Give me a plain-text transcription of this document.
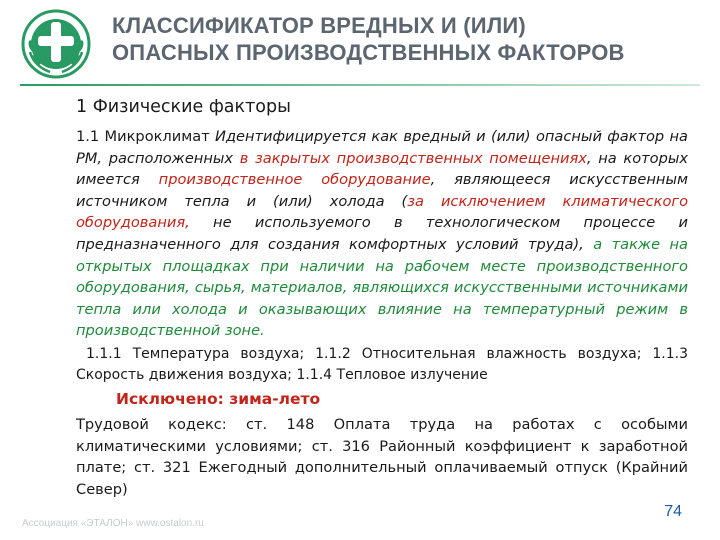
КЛАССИФИКАТОР ВРЕДНЫХ И (ИЛИ)
ОПАСНЫХ ПРОИЗВОДСТВЕННЫХ ФАКТОРОВ
1 Физические факторы

1.1 Микроклимат Идентифицируется как вредный и (или) опасный фактор на РМ, расположенных в закрытых производственных помещениях, на которых имеется производственное оборудование, являющееся искусственным источником тепла и (или) холода (за исключением климатического оборудования, не используемого в технологическом процессе и предназначенного для создания комфортных условий труда), а также на открытых площадках при наличии на рабочем месте производственного оборудования, сырья, материалов, являющихся искусственными источниками тепла или холода и оказывающих влияние на температурный режим в производственной зоне.

1.1.1 Температура воздуха; 1.1.2 Относительная влажность воздуха; 1.1.3 Скорость движения воздуха; 1.1.4 Тепловое излучение

Исключено: зима-лето

Трудовой кодекс: ст. 148 Оплата труда на работах с особыми климатическими условиями; ст. 316 Районный коэффициент к заработной плате; ст. 321 Ежегодный дополнительный оплачиваемый отпуск (Крайний Север)

Ассоциация «ЭТАЛОН» www.ostalon.ru
74
